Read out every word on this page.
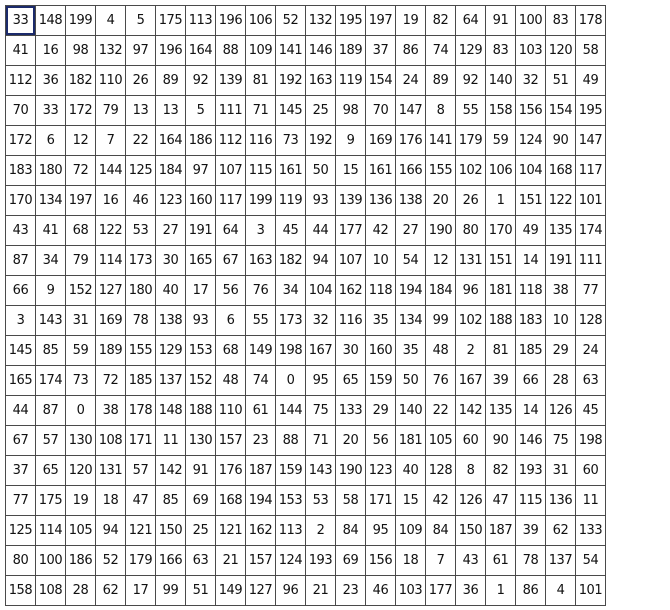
33 148 199	4	5	175 113 196 106 52 132 195 197 19	82	64	91 100 83 178
41	16	98 132 97 196 164 88 109 141 146 189 37	86	74 129 83 103 120 58
112 36 182 110 26	89	92 139 81 192 163 119 154 24	89	92 140 32	51	49
70	33 172 79	13	13	5	111 71 145 25	98	70 147	8	55 158 156 154 195
172	6	12	7	22 164 186 112 116 73 192	9	169 176 141 179 59 124 90 147
183 180 72 144 125 184 97 107 115 161 50	15 161 166 155 102 106 104 168 117
170 134 197 16	46 123 160 117 199 119 93 139 136 138 20	26	1	151 122 101
43	41	68 122 53	27 191 64	3	45	44 177 42	27 190 80 170 49 135 174
87	34	79 114 173 30 165 67 163 182 94 107 10	54	12 131 151 14 191 111
66	9	152 127 180 40	17	56	76	34 104 162 118 194 184 96 181 118 38	77
3	143 31 169 78 138 93	6	55 173 32 116 35 134 99 102 188 183 10 128
145 85	59 189 155 129 153 68 149 198 167 30 160 35	48	2	81 185 29	24
165 174 73	72 185 137 152 48	74	0	95	65 159 50	76 167 39	66	28	63
44	87	0	38 178 148 188 110 61 144 75 133 29 140 22 142 135 14 126 45
67	57 130 108 171 11 130 157 23	88	71	20	56 181 105 60	90 146 75 198
37	65 120 131 57 142 91 176 187 159 143 190 123 40 128	8	82 193 31	60
77 175 19	18	47	85	69 168 194 153 53	58 171 15	42 126 47 115 136 11
125 114 105 94 121 150 25 121 162 113	2	84	95 109 84 150 187 39	62 133
80 100 186 52 179 166 63	21 157 124 193 69 156 18	7	43	61	78 137 54
158 108 28	62	17	99	51 149 127 96	21	23	46 103 177 36	1	86	4	101
